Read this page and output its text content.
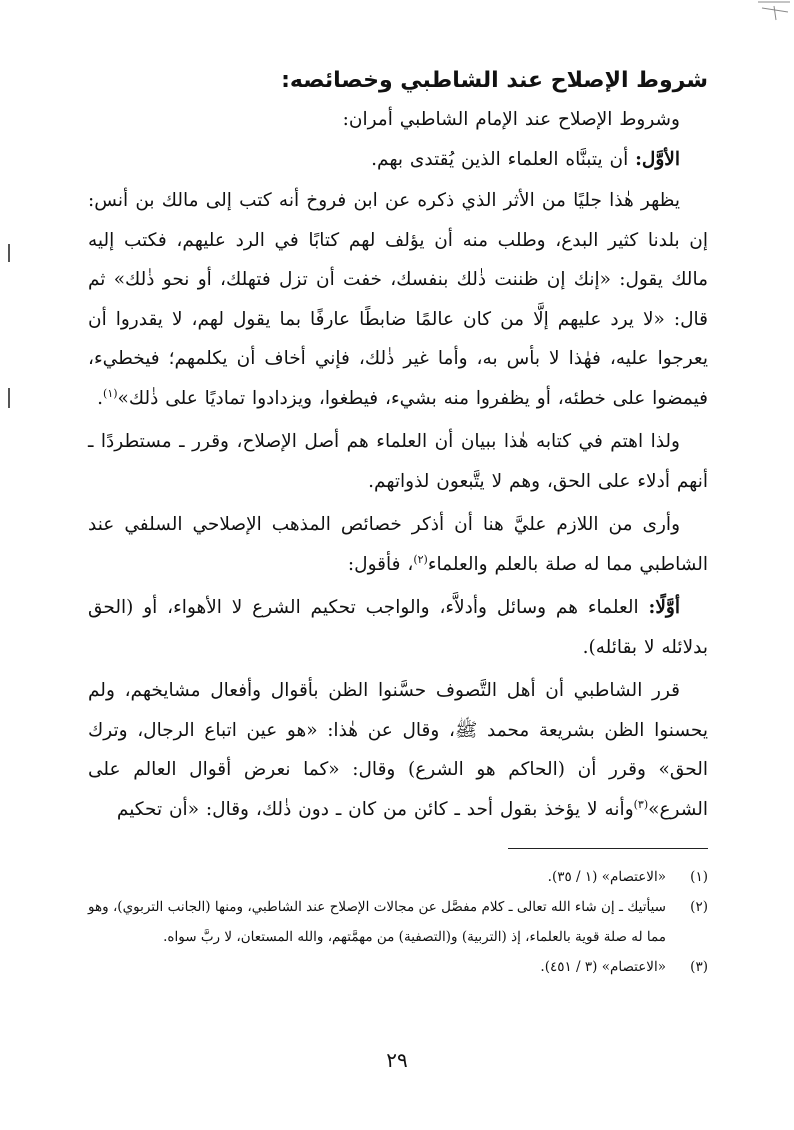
شروط الإصلاح عند الشاطبي وخصائصه:

وشروط الإصلاح عند الإمام الشاطبي أمران:

الأوَّل: أن يتبنَّاه العلماء الذين يُقتدى بهم.

يظهر هٰذا جليًا من الأثر الذي ذكره عن ابن فروخ أنه كتب إلى مالك بن أنس: إن بلدنا كثير البدع، وطلب منه أن يؤلف لهم كتابًا في الرد عليهم، فكتب إليه مالك يقول: «إنك إن ظننت ذٰلك بنفسك، خفت أن تزل فتهلك، أو نحو ذٰلك» ثم قال: «لا يرد عليهم إلَّا من كان عالمًا ضابطًا عارفًا بما يقول لهم، لا يقدروا أن يعرجوا عليه، فهٰذا لا بأس به، وأما غير ذٰلك، فإني أخاف أن يكلمهم؛ فيخطيء، فيمضوا على خطئه، أو يظفروا منه بشيء، فيطغوا، ويزدادوا تماديًا على ذٰلك»$^{(١)}$.

ولذا اهتم في كتابه هٰذا ببيان أن العلماء هم أصل الإصلاح، وقرر ـ مستطردًا ـ أنهم أدلاء على الحق، وهم لا يتَّبعون لذواتهم.

وأرى من اللازم عليَّ هنا أن أذكر خصائص المذهب الإصلاحي السلفي عند الشاطبي مما له صلة بالعلم والعلماء$^{(٢)}$، فأقول:

أوَّلًا: العلماء هم وسائل وأدلاَّء، والواجب تحكيم الشرع لا الأهواء، أو (الحق بدلائله لا بقائله).

قرر الشاطبي أن أهل التَّصوف حسَّنوا الظن بأقوال وأفعال مشايخهم، ولم يحسنوا الظن بشريعة محمد ﷺ، وقال عن هٰذا: «هو عين اتباع الرجال، وترك الحق» وقرر أن (الحاكم هو الشرع) وقال: «كما نعرض أقوال العالم على الشرع»$^{(٣)}$وأنه لا يؤخذ بقول أحد ـ كائن من كان ـ دون ذٰلك، وقال: «أن تحكيم

(١)
«الاعتصام» (١ / ٣٥).
(٢)
سيأتيك ـ إن شاء الله تعالى ـ كلام مفصَّل عن مجالات الإصلاح عند الشاطبي، ومنها (الجانب التربوي)، وهو مما له صلة قوية بالعلماء، إذ (التربية) و(التصفية) من مهمَّتهم، والله المستعان، لا ربَّ سواه.
(٣)
«الاعتصام» (٣ / ٤٥١).
٢٩
